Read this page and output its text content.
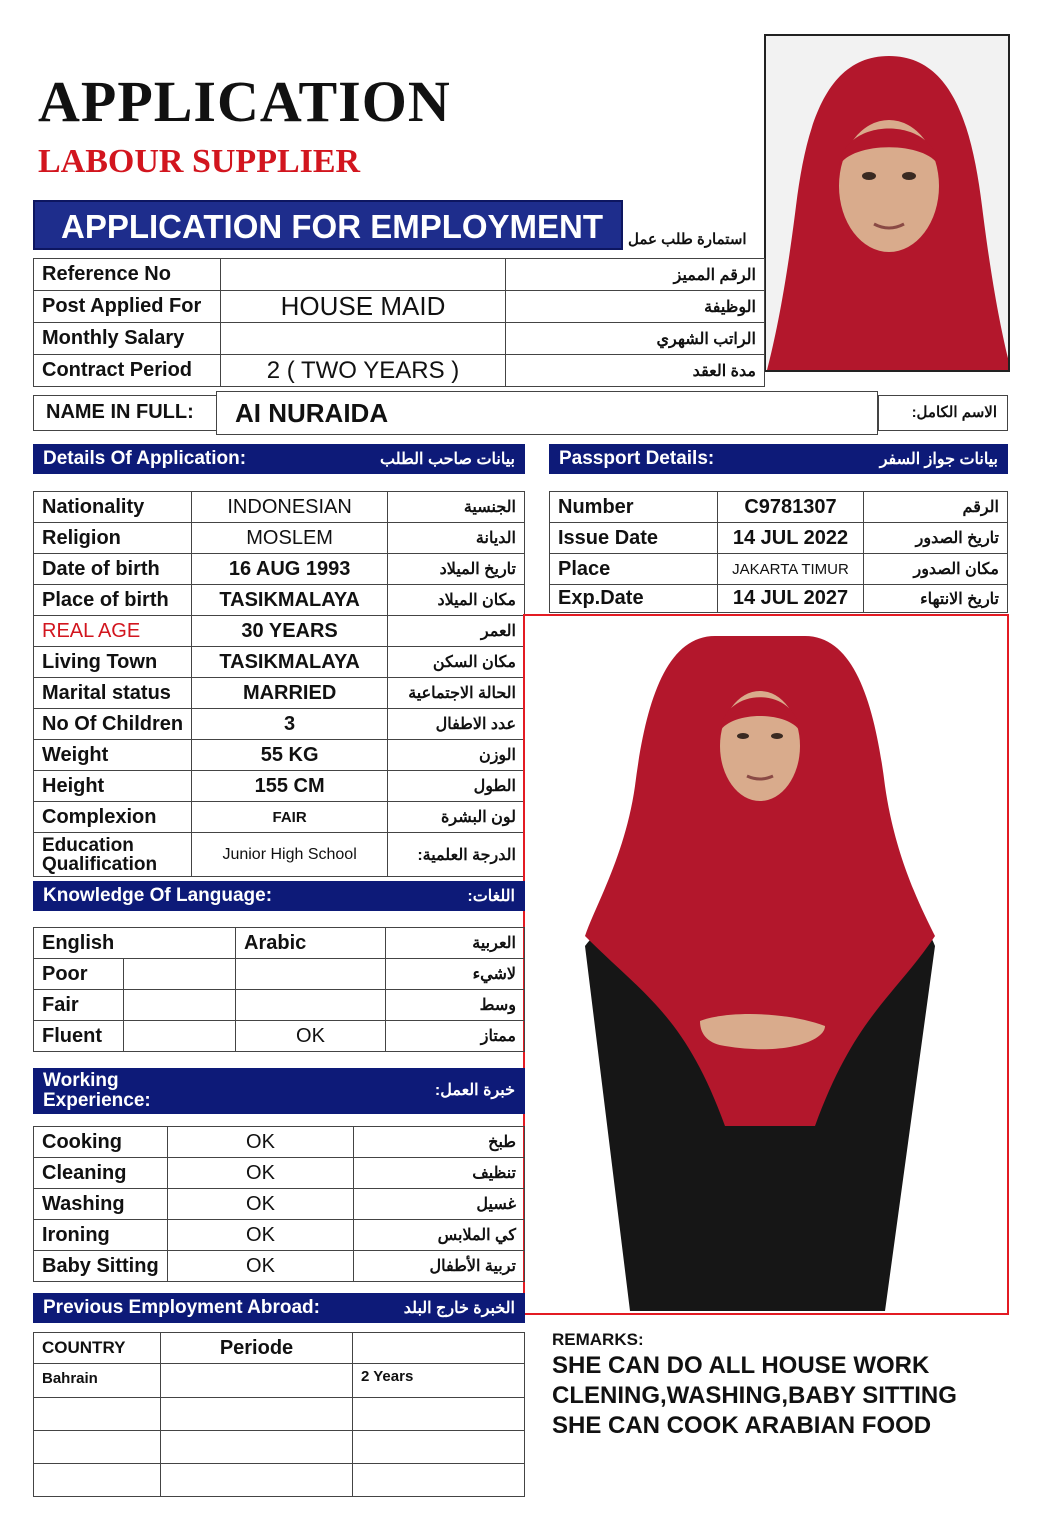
APPLICATION
LABOUR SUPPLIER
APPLICATION FOR EMPLOYMENT	استمارة طلب عمل
Reference No		الرقم المميز
Post Applied For	HOUSE MAID	الوظيفة
Monthly Salary		الراتب الشهري
Contract Period	2 ( TWO YEARS )	مدة العقد
NAME IN FULL:	AI NURAIDA	الاسم الكامل:
Details Of Application:	بيانات صاحب الطلب Passport Details:	بيانات جواز السفر
Nationality	INDONESIAN	الجنسية
Religion	MOSLEM	الديانة
Date of birth	16 AUG 1993	تاريخ الميلاد
Place of birth	TASIKMALAYA	مكان الميلاد
REAL AGE	30 YEARS	العمر
Living Town	TASIKMALAYA	مكان السكن
Marital status	MARRIED	الحالة الاجتماعية
No Of Children	3	عدد الاطفال
Weight	55 KG	الوزن
Height	155 CM	الطول
Complexion	FAIR	لون البشرة
Education Qualification	Junior High School	الدرجة العلمية:
Number	C9781307	الرقم
Issue Date	14 JUL 2022	تاريخ الصدور
Place	JAKARTA TIMUR	مكان الصدور
Exp.Date	14 JUL 2027	تاريخ الانتهاء
Knowledge Of Language:	اللغات:
English		Arabic	العربية
Poor			لاشيء
Fair			وسط
Fluent		OK	ممتاز
Working
Experience:	خبرة العمل:
Cooking	OK	طبخ
Cleaning	OK	تنظيف
Washing	OK	غسيل
Ironing	OK	كي الملابس
Baby Sitting	OK	تربية الأطفال
Previous Employment Abroad:	الخبرة خارج البلد
COUNTRY	Periode	
Bahrain		2 Years

REMARKS:
SHE CAN DO ALL HOUSE WORK
CLENING,WASHING,BABY SITTING
SHE CAN COOK ARABIAN FOOD
